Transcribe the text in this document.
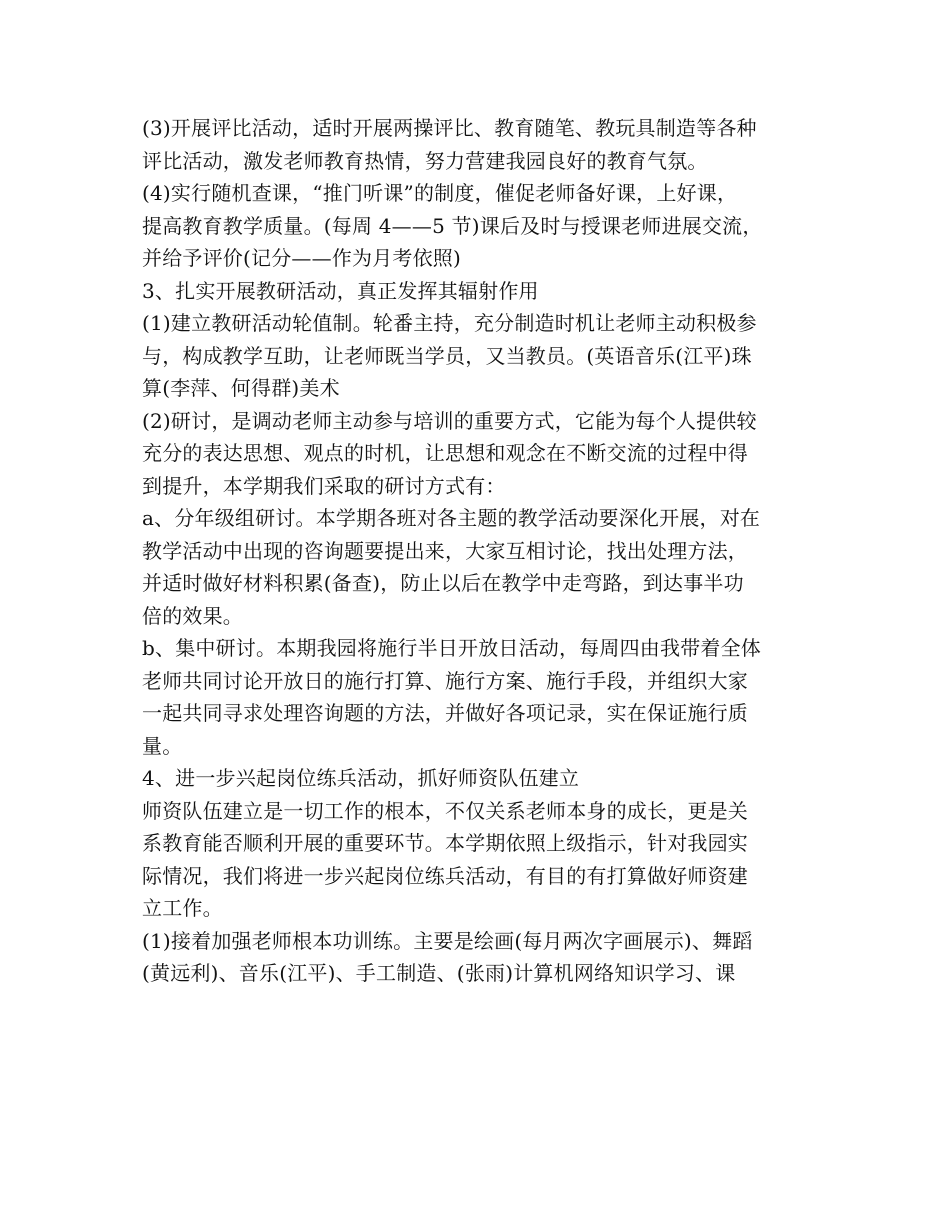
(3)开展评比活动，适时开展两操评比、教育随笔、教玩具制造等各种
评比活动，激发老师教育热情，努力营建我园良好的教育气氛。
(4)实行随机查课，“推门听课”的制度，催促老师备好课，上好课，
提高教育教学质量。(每周 4——5 节)课后及时与授课老师进展交流，
并给予评价(记分——作为月考依照)
3、扎实开展教研活动，真正发挥其辐射作用
(1)建立教研活动轮值制。轮番主持，充分制造时机让老师主动积极参
与，构成教学互助，让老师既当学员，又当教员。(英语音乐(江平)珠
算(李萍、何得群)美术
(2)研讨，是调动老师主动参与培训的重要方式，它能为每个人提供较
充分的表达思想、观点的时机，让思想和观念在不断交流的过程中得
到提升，本学期我们采取的研讨方式有：
a、分年级组研讨。本学期各班对各主题的教学活动要深化开展，对在
教学活动中出现的咨询题要提出来，大家互相讨论，找出处理方法，
并适时做好材料积累(备查)，防止以后在教学中走弯路，到达事半功
倍的效果。
b、集中研讨。本期我园将施行半日开放日活动，每周四由我带着全体
老师共同讨论开放日的施行打算、施行方案、施行手段，并组织大家
一起共同寻求处理咨询题的方法，并做好各项记录，实在保证施行质
量。
4、进一步兴起岗位练兵活动，抓好师资队伍建立
师资队伍建立是一切工作的根本，不仅关系老师本身的成长，更是关
系教育能否顺利开展的重要环节。本学期依照上级指示，针对我园实
际情况，我们将进一步兴起岗位练兵活动，有目的有打算做好师资建
立工作。
(1)接着加强老师根本功训练。主要是绘画(每月两次字画展示)、舞蹈
(黄远利)、音乐(江平)、手工制造、(张雨)计算机网络知识学习、课
